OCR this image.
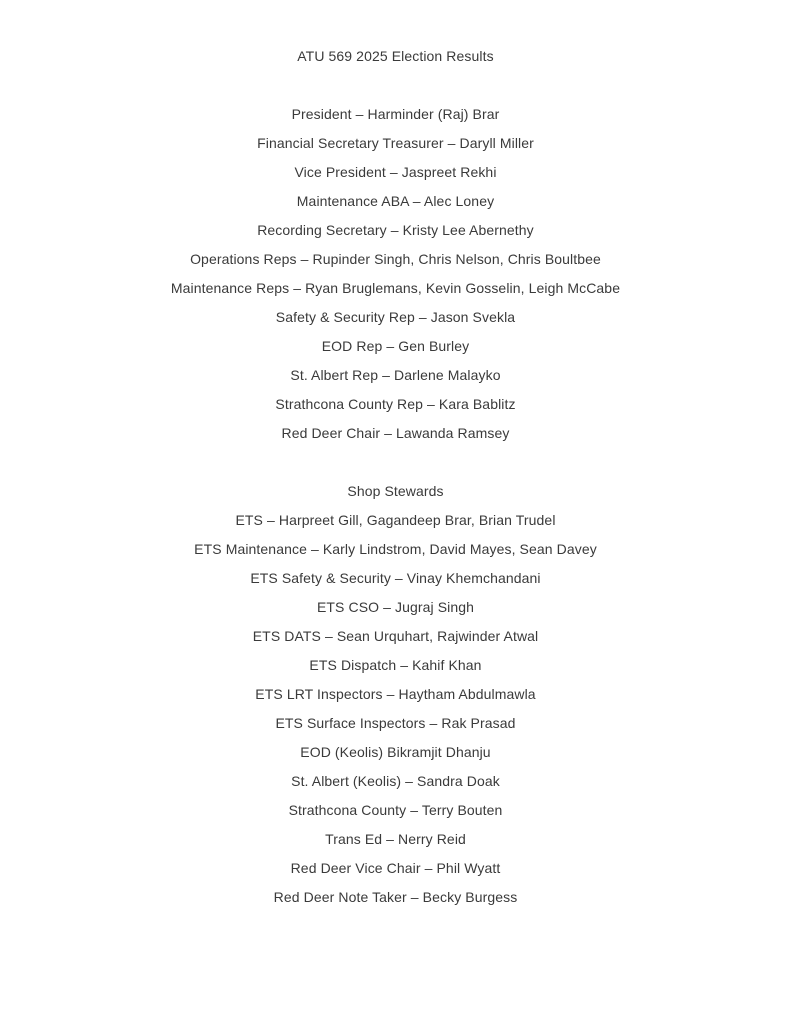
ATU 569 2025 Election Results
President – Harminder (Raj) Brar
Financial Secretary Treasurer – Daryll Miller
Vice President – Jaspreet Rekhi
Maintenance ABA – Alec Loney
Recording Secretary – Kristy Lee Abernethy
Operations Reps – Rupinder Singh, Chris Nelson, Chris Boultbee
Maintenance Reps – Ryan Bruglemans, Kevin Gosselin, Leigh McCabe
Safety & Security Rep – Jason Svekla
EOD Rep – Gen Burley
St. Albert Rep – Darlene Malayko
Strathcona County Rep – Kara Bablitz
Red Deer Chair – Lawanda Ramsey
Shop Stewards
ETS – Harpreet Gill, Gagandeep Brar, Brian Trudel
ETS Maintenance – Karly Lindstrom, David Mayes, Sean Davey
ETS Safety & Security – Vinay Khemchandani
ETS CSO – Jugraj Singh
ETS DATS – Sean Urquhart, Rajwinder Atwal
ETS Dispatch – Kahif Khan
ETS LRT Inspectors – Haytham Abdulmawla
ETS Surface Inspectors – Rak Prasad
EOD (Keolis) Bikramjit Dhanju
St. Albert (Keolis) – Sandra Doak
Strathcona County – Terry Bouten
Trans Ed – Nerry Reid
Red Deer Vice Chair – Phil Wyatt
Red Deer Note Taker – Becky Burgess
